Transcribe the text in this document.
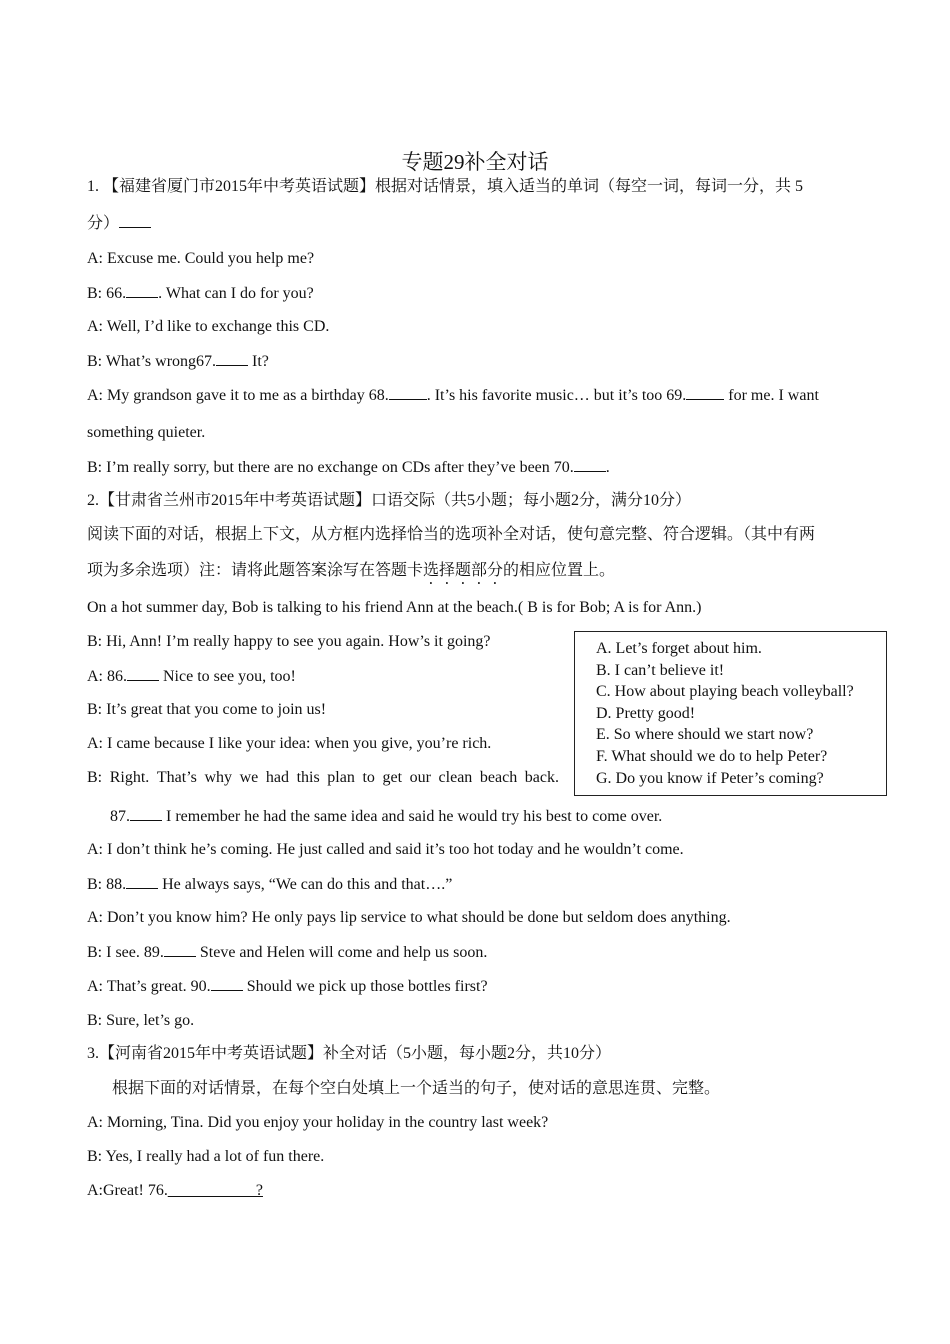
专题29补全对话
1. 【福建省厦门市2015年中考英语试题】根据对话情景，填入适当的单词（每空一词，每词一分，共 5
分）
A: Excuse me. Could you help me?
B: 66. . What can I do for you?
A: Well, I’d like to exchange this CD.
B: What’s wrong67. It?
A: My grandson gave it to me as a birthday 68. . It’s his favorite music… but it’s too 69. for me. I want
something quieter.
B: I’m really sorry, but there are no exchange on CDs after they’ve been 70. .
2.【甘肃省兰州市2015年中考英语试题】口语交际（共5小题；每小题2分，满分10分）
阅读下面的对话，根据上下文，从方框内选择恰当的选项补全对话，使句意完整、符合逻辑。（其中有两
项为多余选项）注：请将此题答案涂写在答题卡选择题部分的相应位置上。
On a hot summer day, Bob is talking to his friend Ann at the beach.( B is for Bob; A is for Ann.)
B: Hi, Ann! I’m really happy to see you again. How’s it going?
A: 86. Nice to see you, too!
B: It’s great that you come to join us!
A: I came because I like your idea: when you give, you’re rich.
B: Right. That’s why we had this plan to get our clean beach back.
A. Let’s forget about him.
B. I can’t believe it!
C. How about playing beach volleyball?
D. Pretty good!
E. So where should we start now?
F. What should we do to help Peter?
G. Do you know if Peter’s coming?
87. I remember he had the same idea and said he would try his best to come over.
A: I don’t think he’s coming. He just called and said it’s too hot today and he wouldn’t come.
B: 88. He always says, “We can do this and that….”
A: Don’t you know him? He only pays lip service to what should be done but seldom does anything.
B: I see. 89. Steve and Helen will come and help us soon.
A: That’s great. 90. Should we pick up those bottles first?
B: Sure, let’s go.
3.【河南省2015年中考英语试题】补全对话（5小题，每小题2分，共10分）
根据下面的对话情景，在每个空白处填上一个适当的句子，使对话的意思连贯、完整。
A: Morning, Tina. Did you enjoy your holiday in the country last week?
B: Yes, I really had a lot of fun there.
A:Great! 76.___________?
